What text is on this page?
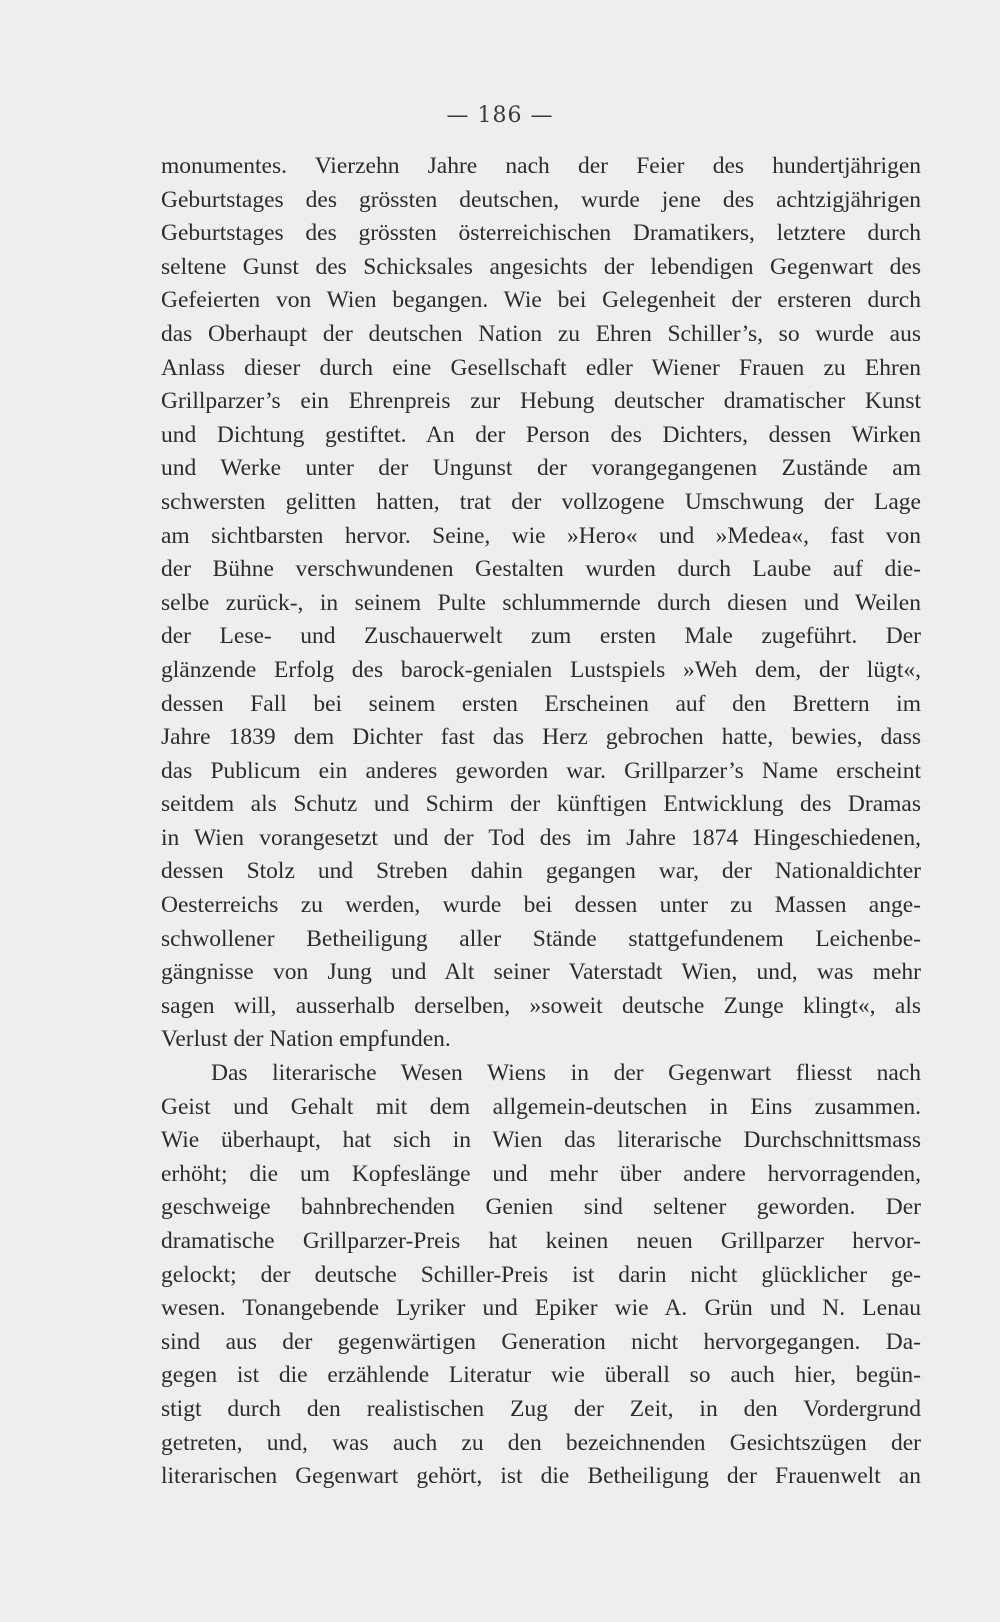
— 186 —
monumentes. Vierzehn Jahre nach der Feier des hundertjährigen
Geburtstages des grössten deutschen, wurde jene des achtzigjährigen
Geburtstages des grössten österreichischen Dramatikers, letztere durch
seltene Gunst des Schicksales angesichts der lebendigen Gegenwart des
Gefeierten von Wien begangen. Wie bei Gelegenheit der ersteren durch
das Oberhaupt der deutschen Nation zu Ehren Schiller’s, so wurde aus
Anlass dieser durch eine Gesellschaft edler Wiener Frauen zu Ehren
Grillparzer’s ein Ehrenpreis zur Hebung deutscher dramatischer Kunst
und Dichtung gestiftet. An der Person des Dichters, dessen Wirken
und Werke unter der Ungunst der vorangegangenen Zustände am
schwersten gelitten hatten, trat der vollzogene Umschwung der Lage
am sichtbarsten hervor. Seine, wie »Hero« und »Medea«, fast von
der Bühne verschwundenen Gestalten wurden durch Laube auf die-
selbe zurück-, in seinem Pulte schlummernde durch diesen und Weilen
der Lese- und Zuschauerwelt zum ersten Male zugeführt. Der
glänzende Erfolg des barock-genialen Lustspiels »Weh dem, der lügt«,
dessen Fall bei seinem ersten Erscheinen auf den Brettern im
Jahre 1839 dem Dichter fast das Herz gebrochen hatte, bewies, dass
das Publicum ein anderes geworden war. Grillparzer’s Name erscheint
seitdem als Schutz und Schirm der künftigen Entwicklung des Dramas
in Wien vorangesetzt und der Tod des im Jahre 1874 Hingeschiedenen,
dessen Stolz und Streben dahin gegangen war, der Nationaldichter
Oesterreichs zu werden, wurde bei dessen unter zu Massen ange-
schwollener Betheiligung aller Stände stattgefundenem Leichenbe-
gängnisse von Jung und Alt seiner Vaterstadt Wien, und, was mehr
sagen will, ausserhalb derselben, »soweit deutsche Zunge klingt«, als
Verlust der Nation empfunden.
Das literarische Wesen Wiens in der Gegenwart fliesst nach
Geist und Gehalt mit dem allgemein-deutschen in Eins zusammen.
Wie überhaupt, hat sich in Wien das literarische Durchschnittsmass
erhöht; die um Kopfeslänge und mehr über andere hervorragenden,
geschweige bahnbrechenden Genien sind seltener geworden. Der
dramatische Grillparzer-Preis hat keinen neuen Grillparzer hervor-
gelockt; der deutsche Schiller-Preis ist darin nicht glücklicher ge-
wesen. Tonangebende Lyriker und Epiker wie A. Grün und N. Lenau
sind aus der gegenwärtigen Generation nicht hervorgegangen. Da-
gegen ist die erzählende Literatur wie überall so auch hier, begün-
stigt durch den realistischen Zug der Zeit, in den Vordergrund
getreten, und, was auch zu den bezeichnenden Gesichtszügen der
literarischen Gegenwart gehört, ist die Betheiligung der Frauenwelt an
